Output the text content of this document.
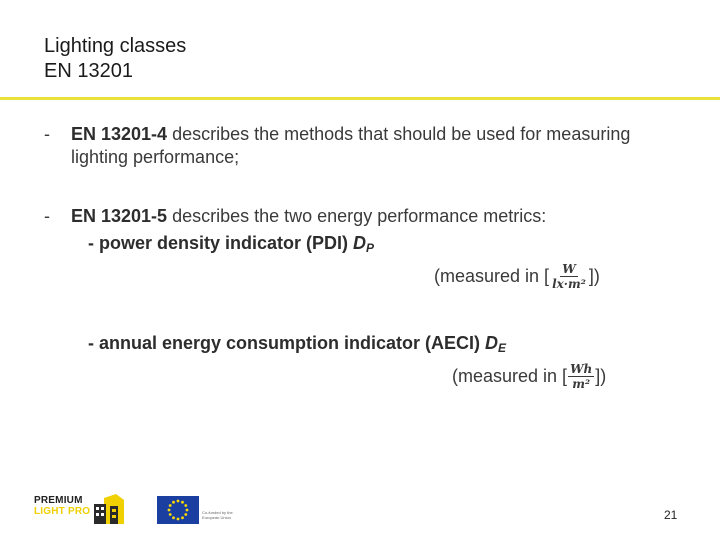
Lighting classes
EN 13201
- EN 13201-4 describes the methods that should be used for measuring lighting performance;
- EN 13201-5 describes the two energy performance metrics:
- power density indicator (PDI) $D_P$
(measured in [ $\frac{W}{\text{lx·m²}}$ ])
- annual energy consumption indicator (AECI) $D_E$
(measured in [ $\frac{Wh}{\text{m²}}$ ])
PREMIUM
LIGHT PRO	Co-funded by the European Union	21
